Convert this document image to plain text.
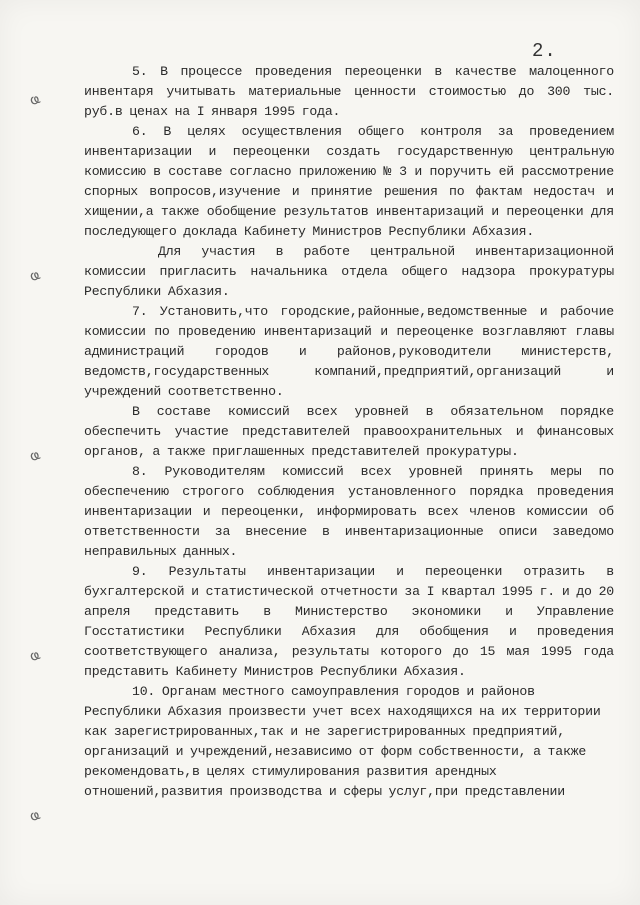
2.
ҩ
ҩ
ҩ
ҩ
ҩ

5. В процессе проведения переоценки в качестве малоценного инвентаря учитывать материальные ценности стоимостью до 300 тыс. руб.в ценах на I января 1995 года.

6. В целях осуществления общего контроля за проведением инвентаризации и переоценки создать государственную центральную комиссию в составе согласно приложению № 3 и поручить ей рассмотрение спорных вопросов,изучение и принятие решения по фактам недостач и хищении,а также обобщение результатов инвентаризаций и переоценки для последующего доклада Кабинету Министров Республики Абхазия.

Для участия в работе центральной инвентаризационной комиссии пригласить начальника отдела общего надзора прокуратуры Республики Абхазия.

7. Установить,что городские,районные,ведомственные и рабочие комиссии по проведению инвентаризаций и переоценке возглавляют главы администраций городов и районов,руководители министерств, ведомств,государственных компаний,предприятий,организаций и учреждений соответственно.

В составе комиссий всех уровней в обязательном порядке обеспечить участие представителей правоохранительных и финансовых органов, а также приглашенных представителей прокуратуры.

8. Руководителям комиссий всех уровней принять меры по обеспечению строгого соблюдения установленного порядка проведения инвентаризации и переоценки, информировать всех членов комиссии об ответственности за внесение в инвентаризационные описи заведомо неправильных данных.

9. Результаты инвентаризации и переоценки отразить в бухгалтерской и статистической отчетности за I квартал 1995 г. и до 20 апреля представить в Министерство экономики и Управление Госстатистики Республики Абхазия для обобщения и проведения соответствующего анализа, результаты которого до 15 мая 1995 года представить Кабинету Министров Республики Абхазия.

10. Органам местного самоуправления городов и районов Республики Абхазия произвести учет всех находящихся на их территории как зарегистрированных,так и не зарегистрированных предприятий, организаций и учреждений,независимо от форм собственности, а также рекомендовать,в целях стимулирования развития арендных отношений,развития производства и сферы услуг,при представлении
